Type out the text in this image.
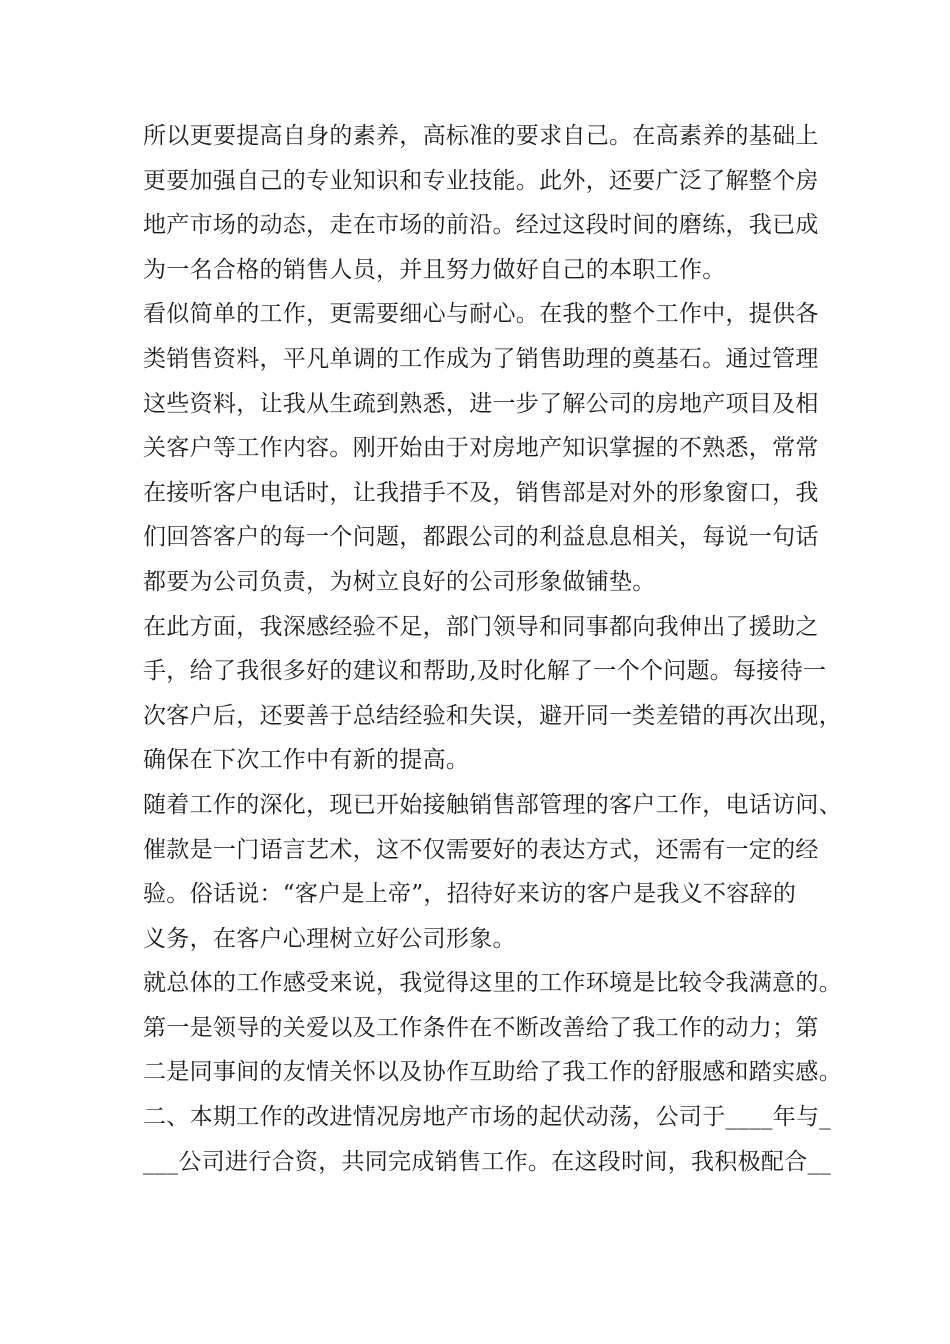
所以更要提高自身的素养，高标准的要求自己。在高素养的基础上
更要加强自己的专业知识和专业技能。此外，还要广泛了解整个房
地产市场的动态，走在市场的前沿。经过这段时间的磨练，我已成
为一名合格的销售人员，并且努力做好自己的本职工作。
看似简单的工作，更需要细心与耐心。在我的整个工作中，提供各
类销售资料，平凡单调的工作成为了销售助理的奠基石。通过管理
这些资料，让我从生疏到熟悉，进一步了解公司的房地产项目及相
关客户等工作内容。刚开始由于对房地产知识掌握的不熟悉，常常
在接听客户电话时，让我措手不及，销售部是对外的形象窗口，我
们回答客户的每一个问题，都跟公司的利益息息相关，每说一句话
都要为公司负责，为树立良好的公司形象做铺垫。
在此方面，我深感经验不足，部门领导和同事都向我伸出了援助之
手，给了我很多好的建议和帮助,及时化解了一个个问题。每接待一
次客户后，还要善于总结经验和失误，避开同一类差错的再次出现，
确保在下次工作中有新的提高。
随着工作的深化，现已开始接触销售部管理的客户工作，电话访问、
催款是一门语言艺术，这不仅需要好的表达方式，还需有一定的经
验。俗话说：“客户是上帝”，招待好来访的客户是我义不容辞的
义务，在客户心理树立好公司形象。
就总体的工作感受来说，我觉得这里的工作环境是比较令我满意的。
第一是领导的关爱以及工作条件在不断改善给了我工作的动力；第
二是同事间的友情关怀以及协作互助给了我工作的舒服感和踏实感。
二、本期工作的改进情况房地产市场的起伏动荡，公司于____年与_
___公司进行合资，共同完成销售工作。在这段时间，我积极配合__
